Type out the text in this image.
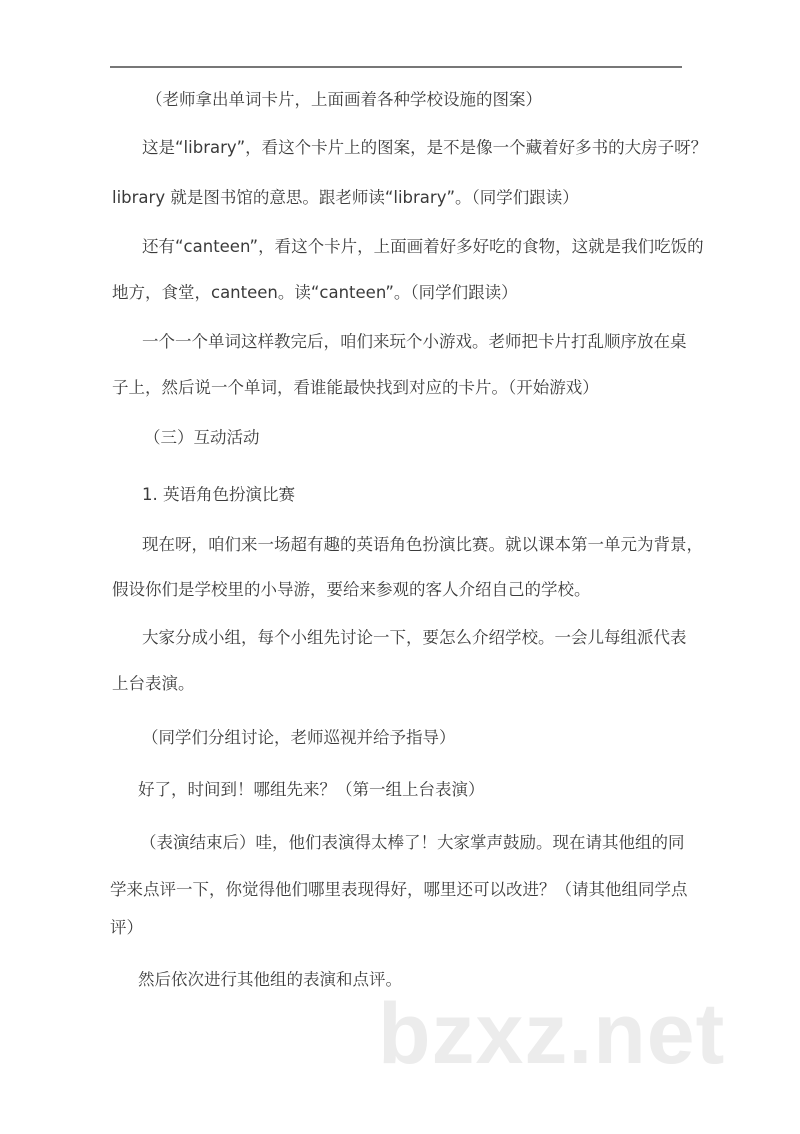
（老师拿出单词卡片，上面画着各种学校设施的图案）
这是“library”，看这个卡片上的图案，是不是像一个藏着好多书的大房子呀？
library 就是图书馆的意思。跟老师读“library”。（同学们跟读）
还有“canteen”，看这个卡片，上面画着好多好吃的食物，这就是我们吃饭的
地方，食堂，canteen。读“canteen”。（同学们跟读）
一个一个单词这样教完后，咱们来玩个小游戏。老师把卡片打乱顺序放在桌
子上，然后说一个单词，看谁能最快找到对应的卡片。（开始游戏）
（三）互动活动
1. 英语角色扮演比赛
现在呀，咱们来一场超有趣的英语角色扮演比赛。就以课本第一单元为背景，
假设你们是学校里的小导游，要给来参观的客人介绍自己的学校。
大家分成小组，每个小组先讨论一下，要怎么介绍学校。一会儿每组派代表
上台表演。
（同学们分组讨论，老师巡视并给予指导）
好了，时间到！哪组先来？（第一组上台表演）
（表演结束后）哇，他们表演得太棒了！大家掌声鼓励。现在请其他组的同
学来点评一下，你觉得他们哪里表现得好，哪里还可以改进？（请其他组同学点
评）
然后依次进行其他组的表演和点评。
bzxz.net
